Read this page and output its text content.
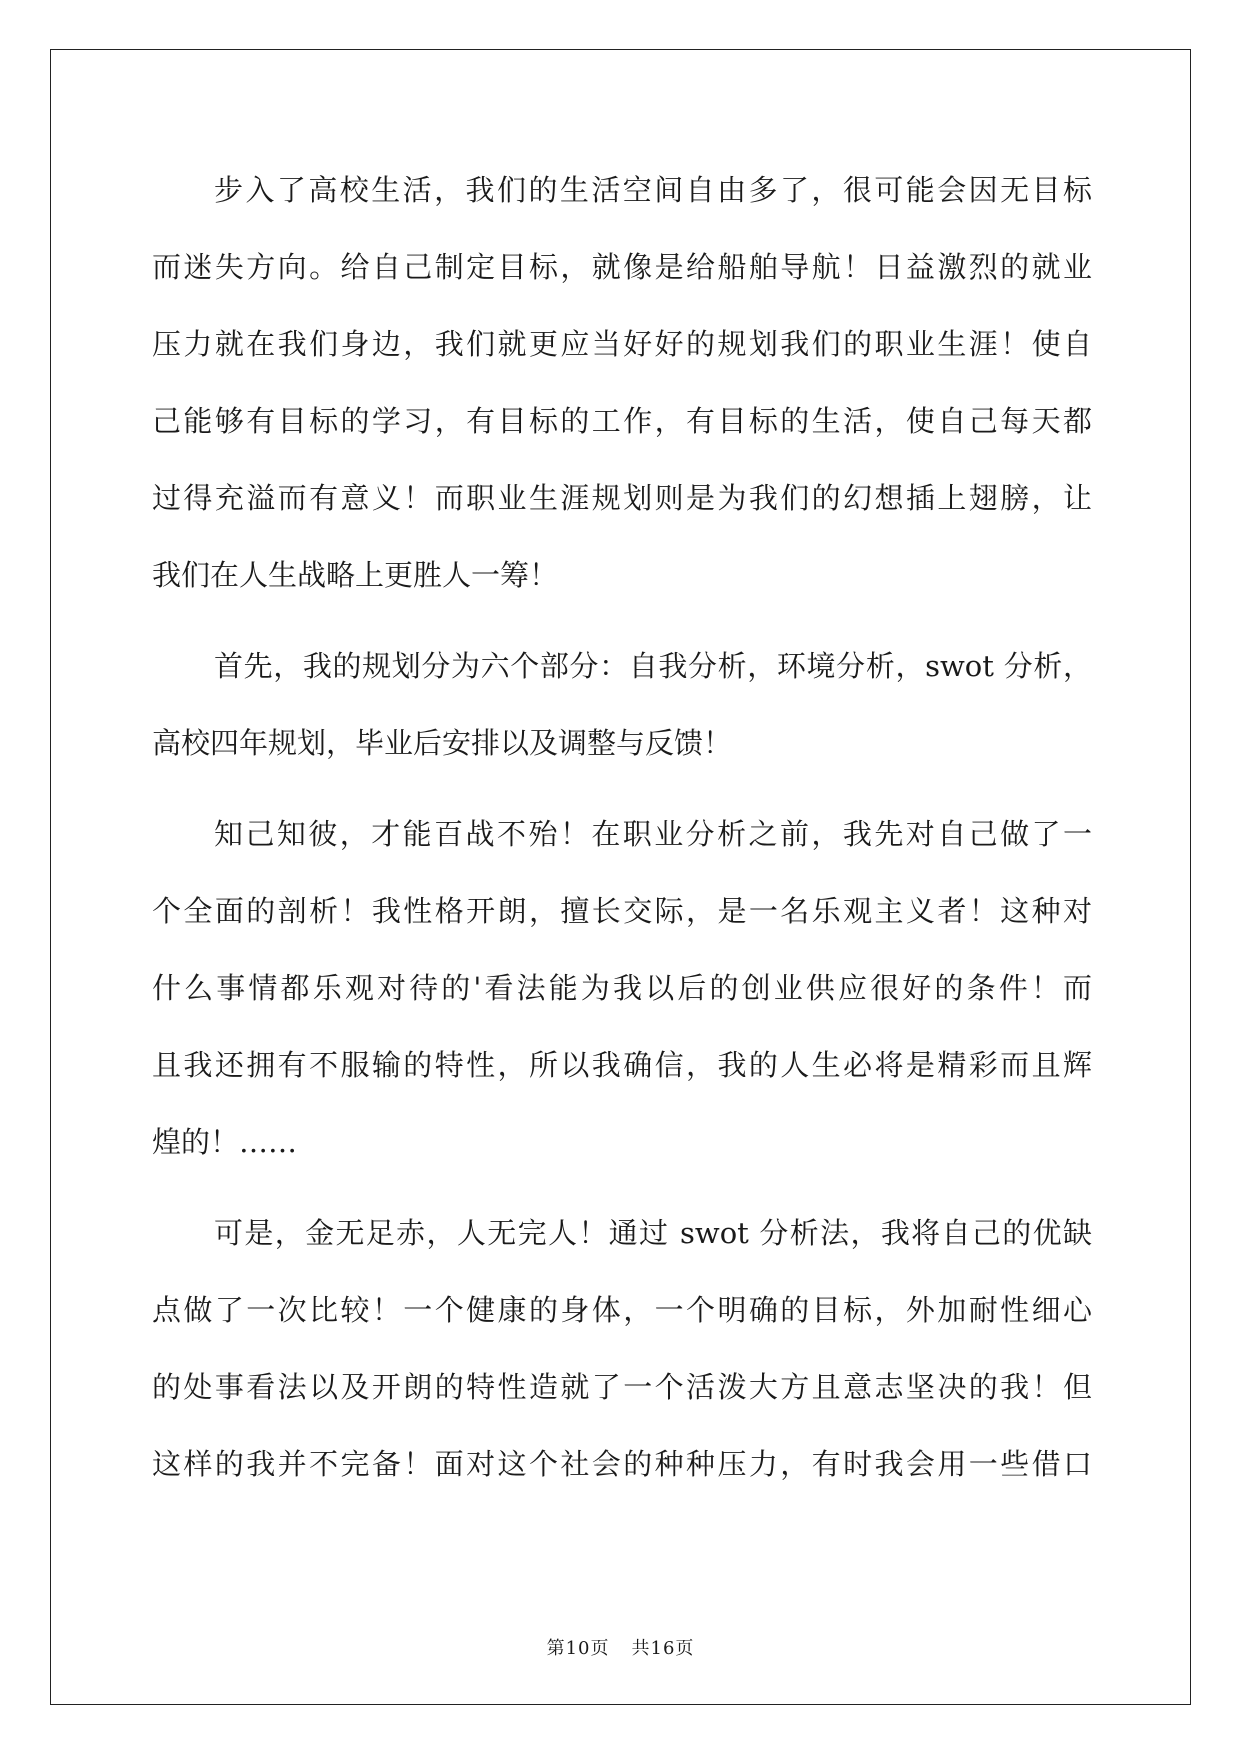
步入了高校生活，我们的生活空间自由多了，很可能会因无目标
而迷失方向。给自己制定目标，就像是给船舶导航！日益激烈的就业
压力就在我们身边，我们就更应当好好的规划我们的职业生涯！使自
己能够有目标的学习，有目标的工作，有目标的生活，使自己每天都
过得充溢而有意义！而职业生涯规划则是为我们的幻想插上翅膀，让
我们在人生战略上更胜人一筹！
首先，我的规划分为六个部分：自我分析，环境分析，swot 分析，
高校四年规划，毕业后安排以及调整与反馈！
知己知彼，才能百战不殆！在职业分析之前，我先对自己做了一
个全面的剖析！我性格开朗，擅长交际，是一名乐观主义者！这种对
什么事情都乐观对待的'看法能为我以后的创业供应很好的条件！而
且我还拥有不服输的特性，所以我确信，我的人生必将是精彩而且辉
煌的！……
可是，金无足赤，人无完人！通过 swot 分析法，我将自己的优缺
点做了一次比较！一个健康的身体，一个明确的目标，外加耐性细心
的处事看法以及开朗的特性造就了一个活泼大方且意志坚决的我！但
这样的我并不完备！面对这个社会的种种压力，有时我会用一些借口
第10页 共16页
